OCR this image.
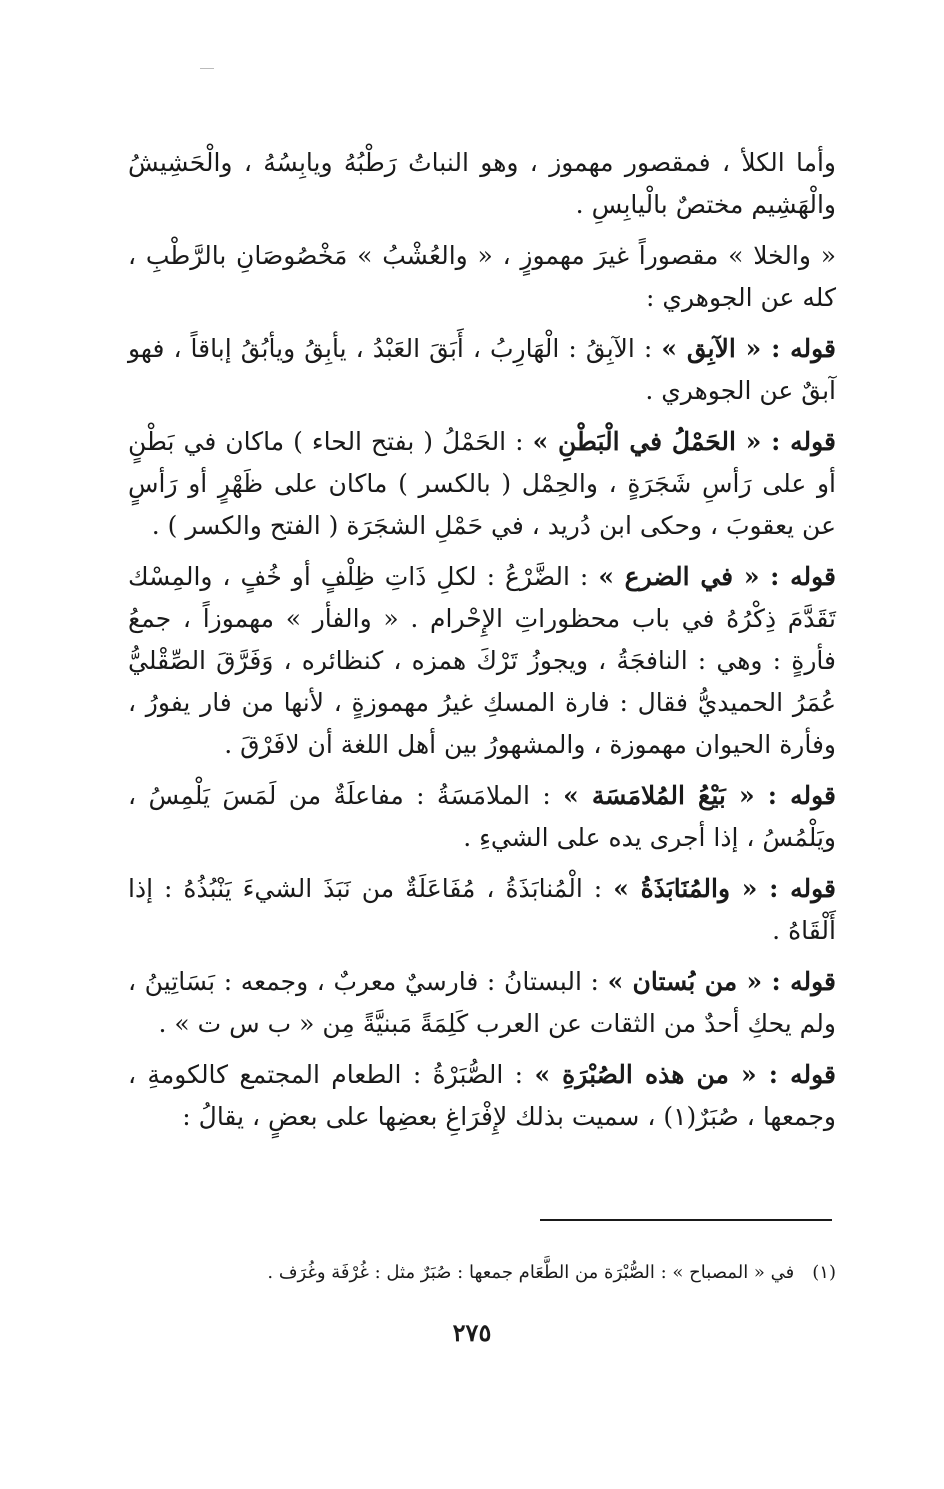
وأما الكلأ ، فمقصور مهموز ، وهو النباتُ رَطْبُهُ ويابِسُهُ ، والْحَشِيشُ والْهَشِيم مختصٌ بالْيابِسِ .

« والخلا » مقصوراً غيرَ مهموزٍ ، « والعُشْبُ » مَخْصُوصَانِ بالرَّطْبِ ، كله عن الجوهري :

قوله : « الآبِق » : الآبِقُ : الْهَارِبُ ، أَبَقَ العَبْدُ ، يأبِقُ ويأبُقُ إباقاً ، فهو آبقٌ عن الجوهري .

قوله : « الحَمْلُ في الْبَطْنِ » : الحَمْلُ ( بفتح الحاء ) ماكان في بَطْنٍ أو على رَأسِ شَجَرَةٍ ، والحِمْل ( بالكسر ) ماكان على ظَهْرٍ أو رَأسٍ عن يعقوبَ ، وحكى ابن دُريد ، في حَمْلِ الشجَرَة ( الفتح والكسر ) .

قوله : « في الضرع » : الضَّرْعُ : لكلِ ذَاتِ ظِلْفٍ أو خُفٍ ، والمِسْك تَقَدَّمَ ذِكْرُهُ في باب محظوراتِ الإِحْرام . « والفأر » مهموزاً ، جمعُ فأرةٍ : وهي : النافجَةُ ، ويجوزُ تَرْكَ همزه ، كنظائره ، وَفَرَّقَ الصِّقْليُّ عُمَرُ الحميديُّ فقال : فارة المسكِ غيرُ مهموزةٍ ، لأنها من فار يفورُ ، وفأرة الحيوان مهموزة ، والمشهورُ بين أهل اللغة أن لافَرْقَ .

قوله : « بَيْعُ المُلامَسَة » : الملامَسَةُ : مفاعلَةٌ من لَمَسَ يَلْمِسُ ، ويَلْمُسُ ، إذا أجرى يده على الشيءِ .

قوله : « والمُنَابَذَةُ » : الْمُنابَذَةُ ، مُفَاعَلَةٌ من نَبَذَ الشيءَ يَنْبُذُهُ : إذا أَلْقَاهُ .

قوله : « من بُستان » : البستانُ : فارسيٌ معربٌ ، وجمعه : بَسَاتِينُ ، ولم يحكِ أحدٌ من الثقات عن العرب كَلِمَةً مَبنيَّةً مِن « ب س ت » .

قوله : « من هذه الصُبْرَةِ » : الصُّبَرْةُ : الطعام المجتمع كالكومةِ ، وجمعها ، صُبَرٌ(١) ، سميت بذلك لإِفْرَاغِ بعضِها على بعضٍ ، يقالُ :

(١)في « المصباح » : الصُّبْرَة من الطَّعَام جمعها : صُبَرٌ مثل : غُرْفَة وغُرَف .
٢٧٥
